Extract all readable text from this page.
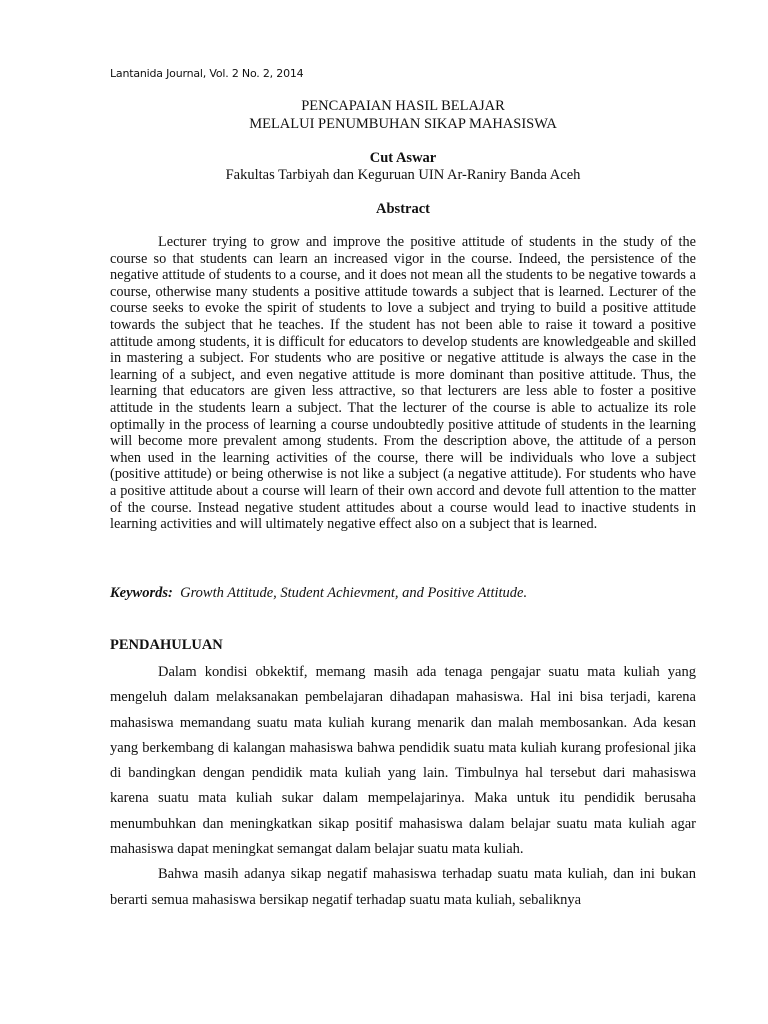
Lantanida Journal, Vol. 2 No. 2, 2014
PENCAPAIAN HASIL BELAJAR
MELALUI PENUMBUHAN SIKAP MAHASISWA
Cut Aswar
Fakultas Tarbiyah dan Keguruan UIN Ar-Raniry Banda Aceh
Abstract

Lecturer trying to grow and improve the positive attitude of students in the study of the course so that students can learn an increased vigor in the course. Indeed, the persistence of the negative attitude of students to a course, and it does not mean all the students to be negative towards a course, otherwise many students a positive attitude towards a subject that is learned. Lecturer of the course seeks to evoke the spirit of students to love a subject and trying to build a positive attitude towards the subject that he teaches. If the student has not been able to raise it toward a positive attitude among students, it is difficult for educators to develop students are knowledgeable and skilled in mastering a subject. For students who are positive or negative attitude is always the case in the learning of a subject, and even negative attitude is more dominant than positive attitude. Thus, the learning that educators are given less attractive, so that lecturers are less able to foster a positive attitude in the students learn a subject. That the lecturer of the course is able to actualize its role optimally in the process of learning a course undoubtedly positive attitude of students in the learning will become more prevalent among students. From the description above, the attitude of a person when used in the learning activities of the course, there will be individuals who love a subject (positive attitude) or being otherwise is not like a subject (a negative attitude). For students who have a positive attitude about a course will learn of their own accord and devote full attention to the matter of the course. Instead negative student attitudes about a course would lead to inactive students in learning activities and will ultimately negative effect also on a subject that is learned.

Keywords: Growth Attitude, Student Achievment, and Positive Attitude.
PENDAHULUAN

Dalam kondisi obkektif, memang masih ada tenaga pengajar suatu mata kuliah yang mengeluh dalam melaksanakan pembelajaran dihadapan mahasiswa. Hal ini bisa terjadi, karena mahasiswa memandang suatu mata kuliah kurang menarik dan malah membosankan. Ada kesan yang berkembang di kalangan mahasiswa bahwa pendidik suatu mata kuliah kurang profesional jika di bandingkan dengan pendidik mata kuliah yang lain. Timbulnya hal tersebut dari mahasiswa karena suatu mata kuliah sukar dalam mempelajarinya. Maka untuk itu pendidik berusaha menumbuhkan dan meningkatkan sikap positif mahasiswa dalam belajar suatu mata kuliah agar mahasiswa dapat meningkat semangat dalam belajar suatu mata kuliah.

Bahwa masih adanya sikap negatif mahasiswa terhadap suatu mata kuliah, dan ini bukan berarti semua mahasiswa bersikap negatif terhadap suatu mata kuliah, sebaliknya
